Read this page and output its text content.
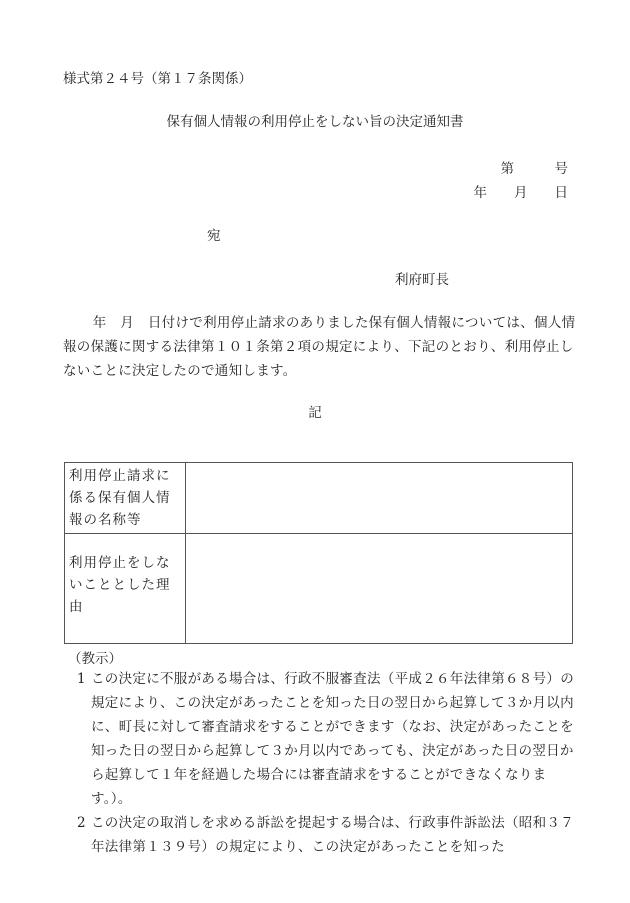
様式第２４号（第１７条関係）
保有個人情報の利用停止をしない旨の決定通知書
第　　　号
年　　月　　日
宛
利府町長
年　月　日付けで利用停止請求のありました保有個人情報については、個人情報の保護に関する法律第１０１条第２項の規定により、下記のとおり、利用停止しないことに決定したので通知します。
記
利用停止請求に係る保有個人情報の名称等	
利用停止をしないこととした理由	
（教示）
1 この決定に不服がある場合は、行政不服審査法（平成２６年法律第６８号）の規定により、この決定があったことを知った日の翌日から起算して３か月以内に、町長に対して審査請求をすることができます（なお、決定があったことを知った日の翌日から起算して３か月以内であっても、決定があった日の翌日から起算して１年を経過した場合には審査請求をすることができなくなります。）。
2 この決定の取消しを求める訴訟を提起する場合は、行政事件訴訟法（昭和３７年法律第１３９号）の規定により、この決定があったことを知った
